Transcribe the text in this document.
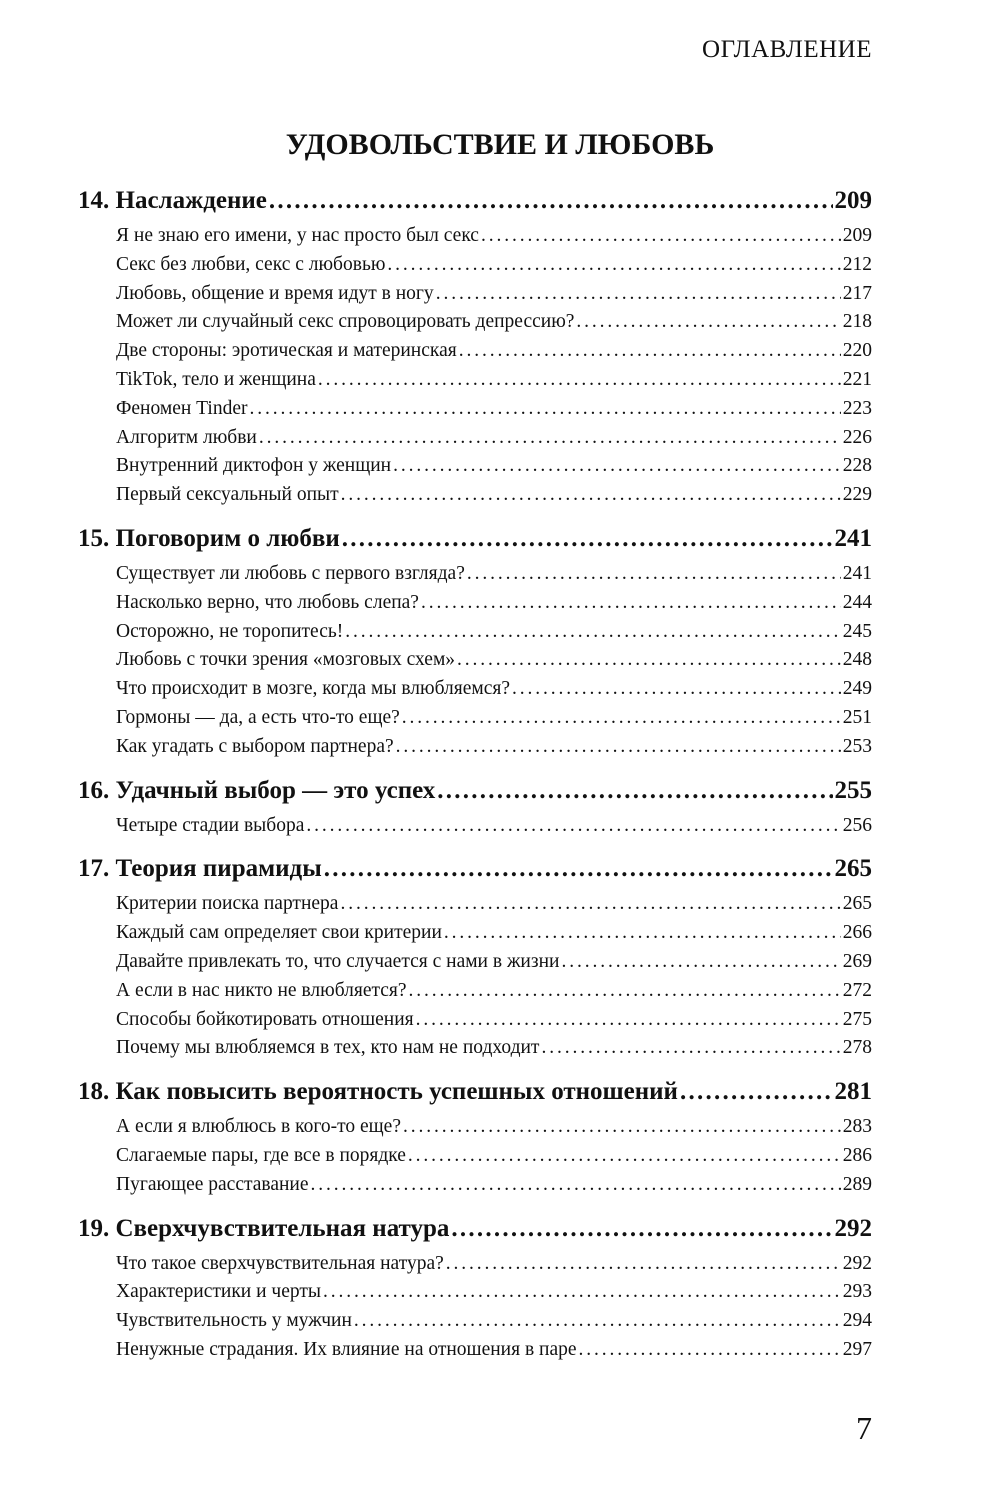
ОГЛАВЛЕНИЕ
УДОВОЛЬСТВИЕ И ЛЮБОВЬ
14. Наслаждение . . .	209
Я не знаю его имени, у нас просто был секс . . .	209
Секс без любви, секс с любовью . . .	212
Любовь, общение и время идут в ногу . . .	217
Может ли случайный секс спровоцировать депрессию? . . .	218
Две стороны: эротическая и материнская . . .	220
TikTok, тело и женщина . . .	221
Феномен Tinder . . .	223
Алгоритм любви . . .	226
Внутренний диктофон у женщин . . .	228
Первый сексуальный опыт . . .	229
15. Поговорим о любви . . .	241
Существует ли любовь с первого взгляда? . . .	241
Насколько верно, что любовь слепа? . . .	244
Осторожно, не торопитесь! . . .	245
Любовь с точки зрения «мозговых схем» . . .	248
Что происходит в мозге, когда мы влюбляемся? . . .	249
Гормоны — да, а есть что-то еще? . . .	251
Как угадать с выбором партнера? . . .	253
16. Удачный выбор — это успех . . .	255
Четыре стадии выбора . . .	256
17. Теория пирамиды . . .	265
Критерии поиска партнера . . .	265
Каждый сам определяет свои критерии . . .	266
Давайте привлекать то, что случается с нами в жизни . . .	269
А если в нас никто не влюбляется? . . .	272
Способы бойкотировать отношения . . .	275
Почему мы влюбляемся в тех, кто нам не подходит . . .	278
18. Как повысить вероятность успешных отношений . . .	281
А если я влюблюсь в кого-то еще? . . .	283
Слагаемые пары, где все в порядке . . .	286
Пугающее расставание . . .	289
19. Сверхчувствительная натура . . .	292
Что такое сверхчувствительная натура? . . .	292
Характеристики и черты . . .	293
Чувствительность у мужчин . . .	294
Ненужные страдания. Их влияние на отношения в паре . . .	297
7
